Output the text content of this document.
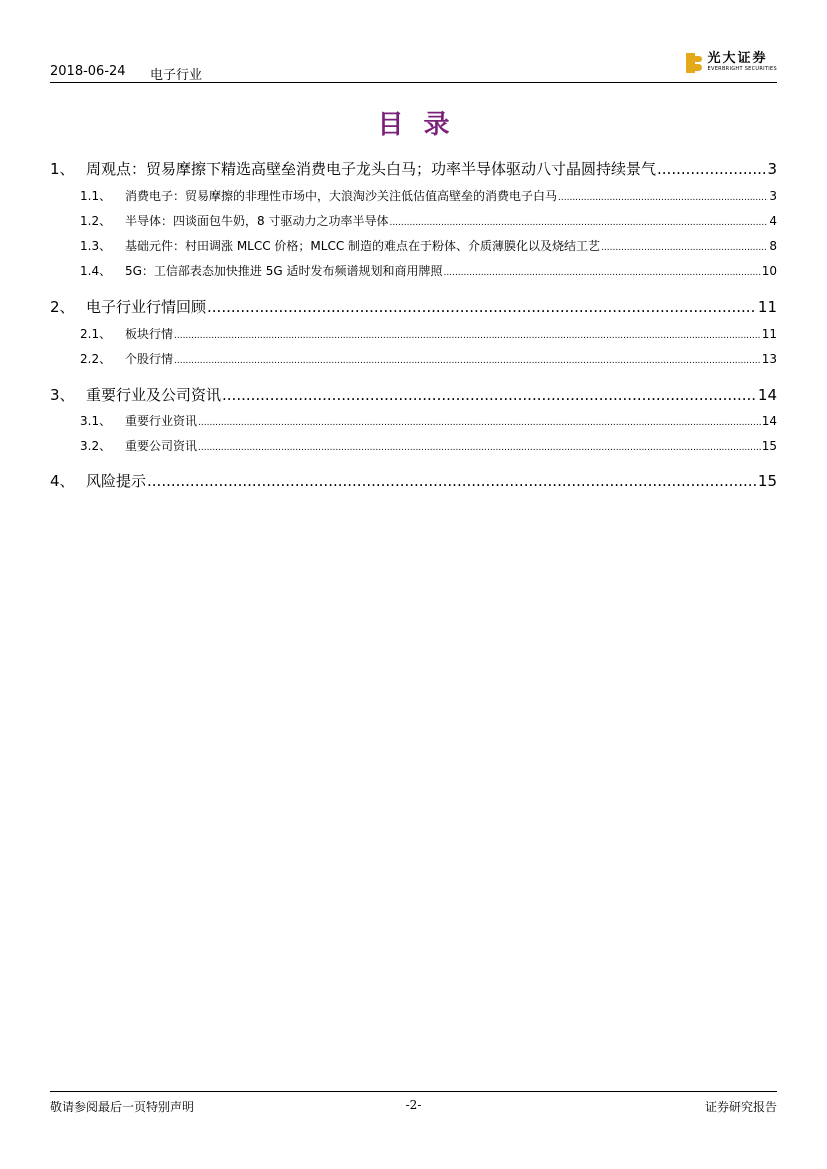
2018-06-24 电子行业
光大证券
EVERBRIGHT SECURITIES
目录
1、 周观点：贸易摩擦下精选高壁垒消费电子龙头白马；功率半导体驱动八寸晶圆持续景气 .....	3
1.1、	消费电子：贸易摩擦的非理性市场中，大浪淘沙关注低估值高壁垒的消费电子白马 .....	3
1.2、	半导体：四谈面包牛奶，8 寸驱动力之功率半导体 .....	4
1.3、	基础元件：村田调涨 MLCC 价格；MLCC 制造的难点在于粉体、介质薄膜化以及烧结工艺 .....	8
1.4、	5G：工信部表态加快推进 5G 适时发布频谱规划和商用牌照 .....	10
2、 电子行业行情回顾 .....	11
2.1、	板块行情 .....	11
2.2、	个股行情 .....	13
3、 重要行业及公司资讯 .....	14
3.1、	重要行业资讯 .....	14
3.2、	重要公司资讯 .....	15
4、 风险提示 .....	15
敬请参阅最后一页特别声明	-2-	证券研究报告
